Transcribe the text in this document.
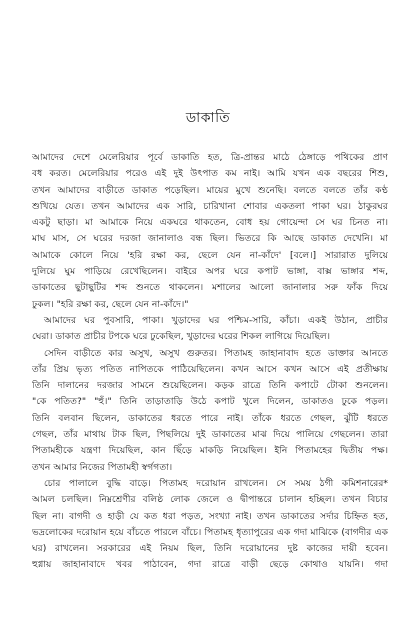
ডাকাতি
আমাদের দেশে মেলেরিয়ার পূর্বে ডাকাতি হত, ত্রি-প্রান্তর মাঠে ঠেঙ্গাড়ে পথিকের প্রাণ
বধ করত। মেলেরিয়ার পরেও এই দুই উৎপাত কম নাই। আমি যখন এক বছরের শিশু,
তখন আমাদের বাড়ীতে ডাকাত পড়েছিল। মায়ের মুখে শুনেছি। বলতে বলতে তাঁর কণ্ঠ
শুখিয়ে যেত। তখন আমাদের এক সারি, চারিখানা শোবার একতলা পাকা ঘর। ঠাকুরঘর
একটু ছাড়া। মা আমাকে নিয়ে একঘরে থাকতেন, বোধ হয় গোয়েন্দা সে ঘর চিনত না।
মাঘ মাস, সে ঘরের দরজা জানালাও বন্ধ ছিল। ভিতরে কি আছে ডাকাত দেখেনি। মা
আমাকে কোলে নিয়ে 'হরি রক্ষা কর, ছেলে যেন না-কাঁদে' [বলে।] সারারাত দুলিয়ে
দুলিয়ে ঘুম পাড়িয়ে রেখেছিলেন। বাইরে অপর ঘরে কপাট ভাঙ্গা, বাক্স ভাঙ্গার শব্দ,
ডাকাতের ছুটাছুটির শব্দ শুনতে থাকলেন। মশালের আলো জানালার সরু ফাঁক দিয়ে
ঢুকল। "হরি রক্ষা কর, ছেলে যেন না-কাঁদে।"
আমাদের ঘর পুবসারি, পাকা। খুড়াদের ঘর পশ্চিম-সারি, কাঁচা। একই উঠান, প্রাচীর
ঘেরা। ডাকাত প্রাচীর টপকে ঘরে ঢুকেছিল, খুড়াদের ঘরের শিকল লাগিয়ে দিয়েছিল।
সেদিন বাড়ীতে কার অসুখ, অসুখ গুরুতর। পিতামহ জাহানাবাদ হতে ডাক্তার আনতে
তাঁর প্রিয় ভৃত্য পতিত নাপিতকে পাঠিয়েছিলেন। কখন আসে কখন আসে এই প্রতীক্ষায়
তিনি দালানের দরজার সামনে শুয়েছিলেন। কড়ক রাত্রে তিনি কপাটে টোকা শুনলেন।
"কে পতিত?" "হুঁ।" তিনি তাড়াতাড়ি উঠে কপাট খুলে দিলেন, ডাকাতও ঢুকে পড়ল।
তিনি বলবান ছিলেন, ডাকাতের ধরতে পারে নাই। তাঁকে ধরতে গেছল, ঝুঁটি ধরতে
গেছল, তাঁর মাথায় টাক ছিল, পিছলিয়ে দুই ডাকাতের মাঝ দিয়ে পালিয়ে গেছলেন। তারা
পিতামহীকে যন্ত্রণা দিয়েছিল, কান ছিঁড়ে মাকড়ি নিয়েছিল। ইনি পিতামহের দ্বিতীয় পক্ষ।
তখন আমার নিজের পিতামহী স্বর্গগতা।
চোর পালালে বুদ্ধি বাড়ে। পিতামহ দরোয়ান রাখলেন। সে সময় ঠগী কমিশনারের*
আমল চলছিল। নিম্নশ্রেণীর বলিষ্ঠ লোক জেলে ও দ্বীপান্তরে চালান হচ্ছিল। তখন বিচার
ছিল না। বাগদী ও হাড়ী যে কত ধরা পড়ত, সংখ্যা নাই। তখন ডাকাতের সর্দার চিহ্নিত হত,
ভদ্রলোকের দরোয়ান হয়ে বাঁচতে পারলে বাঁচে। পিতামহ ধৃত্যাপুরের এক গদা মাঝিকে (বাগদীর এক
ঘর) রাখলেন। সরকারের এই নিয়ম ছিল, তিনি দরোয়ানের দুষ্ট কাজের দায়ী হবেন।
হুগ্নায় জাহানাবাদে খবর পাঠাবেন, গদা রাত্রে বাড়ী ছেড়ে কোথাও যায়নি। গদা
